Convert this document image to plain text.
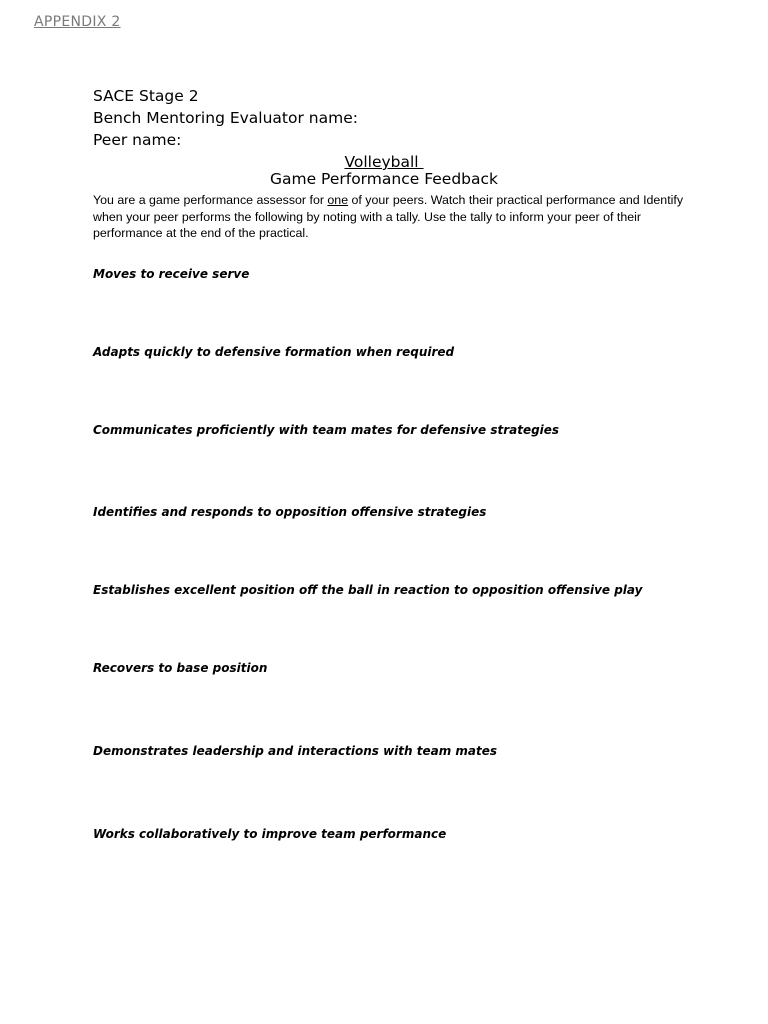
APPENDIX 2
SACE Stage 2
Bench Mentoring Evaluator name:
Peer name:
Volleyball
Game Performance Feedback
You are a game performance assessor for one of your peers. Watch their practical performance and Identify when your peer performs the following by noting with a tally. Use the tally to inform your peer of their performance at the end of the practical.
Moves to receive serve
Adapts quickly to defensive formation when required
Communicates proficiently with team mates for defensive strategies
Identifies and responds to opposition offensive strategies
Establishes excellent position off the ball in reaction to opposition offensive play
Recovers to base position
Demonstrates leadership and interactions with team mates
Works collaboratively to improve team performance
